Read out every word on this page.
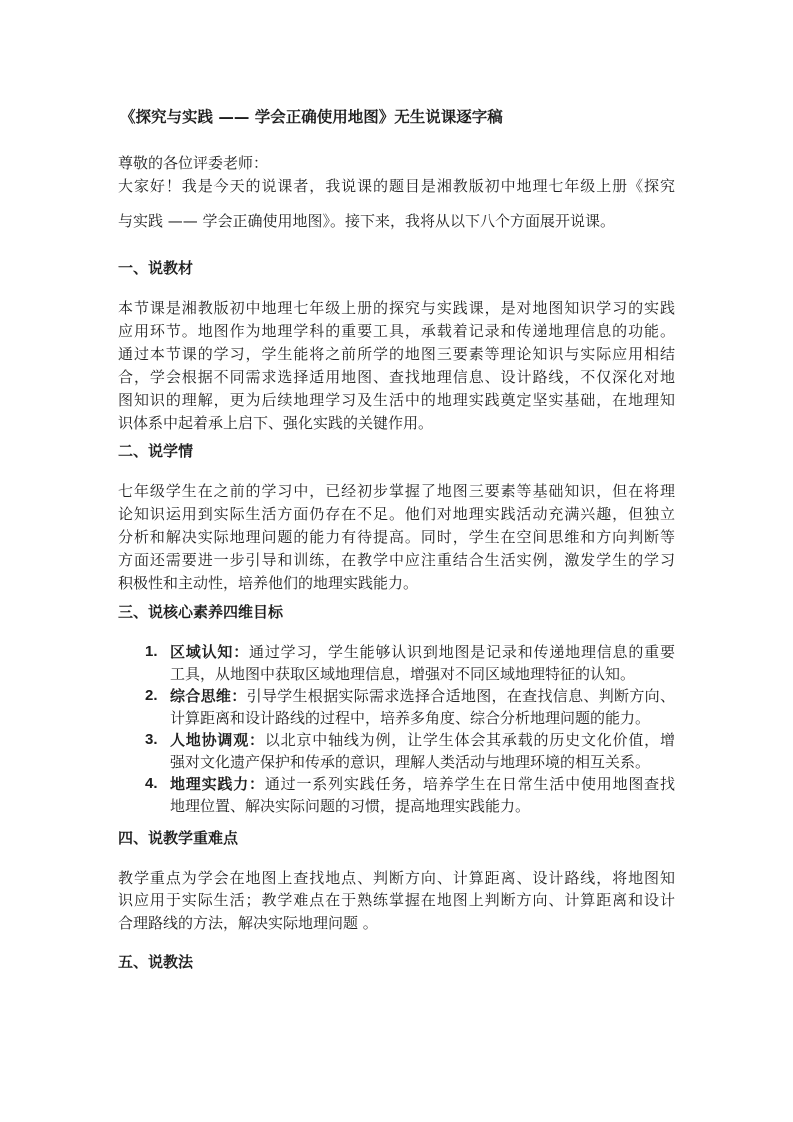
《探究与实践 —— 学会正确使用地图》无生说课逐字稿
尊敬的各位评委老师：
大家好！我是今天的说课者，我说课的题目是湘教版初中地理七年级上册《探究
与实践 —— 学会正确使用地图》。接下来，我将从以下八个方面展开说课。
一、说教材
本节课是湘教版初中地理七年级上册的探究与实践课，是对地图知识学习的实践
应用环节。地图作为地理学科的重要工具，承载着记录和传递地理信息的功能。
通过本节课的学习，学生能将之前所学的地图三要素等理论知识与实际应用相结
合，学会根据不同需求选择适用地图、查找地理信息、设计路线，不仅深化对地
图知识的理解，更为后续地理学习及生活中的地理实践奠定坚实基础，在地理知
识体系中起着承上启下、强化实践的关键作用。
二、说学情
七年级学生在之前的学习中，已经初步掌握了地图三要素等基础知识，但在将理
论知识运用到实际生活方面仍存在不足。他们对地理实践活动充满兴趣，但独立
分析和解决实际地理问题的能力有待提高。同时，学生在空间思维和方向判断等
方面还需要进一步引导和训练，在教学中应注重结合生活实例，激发学生的学习
积极性和主动性，培养他们的地理实践能力。
三、说核心素养四维目标
1. 区域认知：通过学习，学生能够认识到地图是记录和传递地理信息的重要
工具，从地图中获取区域地理信息，增强对不同区域地理特征的认知。
2. 综合思维：引导学生根据实际需求选择合适地图，在查找信息、判断方向、
计算距离和设计路线的过程中，培养多角度、综合分析地理问题的能力。
3. 人地协调观：以北京中轴线为例，让学生体会其承载的历史文化价值，增
强对文化遗产保护和传承的意识，理解人类活动与地理环境的相互关系。
4. 地理实践力：通过一系列实践任务，培养学生在日常生活中使用地图查找
地理位置、解决实际问题的习惯，提高地理实践能力。
四、说教学重难点
教学重点为学会在地图上查找地点、判断方向、计算距离、设计路线，将地图知
识应用于实际生活；教学难点在于熟练掌握在地图上判断方向、计算距离和设计
合理路线的方法，解决实际地理问题 。
五、说教法
